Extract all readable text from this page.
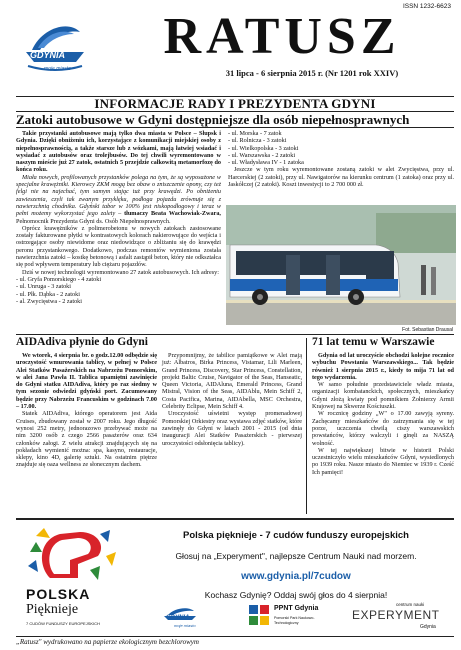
ISSN 1232-6623
GDYNIA
moje miasto
RATUSZ
31 lipca - 6 sierpnia 2015 r. (Nr 1201 rok XXIV)
INFORMACJE RADY I PREZYDENTA GDYNI
Zatoki autobusowe w Gdyni dostępniejsze dla osób niepełnosprawnych

Takie przystanki autobusowe mają tylko dwa miasta w Polsce – Słupsk i Gdynia. Dzięki obniżeniu ich, korzystające z komunikacji miejskiej osoby z niepełnosprawnością, a także starsze lub z wózkami, mają łatwiej wsiadać i wysiadać z autobusów oraz trolejbusów. Do tej chwili wyremontowano w naszym mieście już 27 zatok, ostatnich 5 przejdzie całkowitą metamorfozę do końca roku.

Miała nowych, profilowanych przystanków polega na tym, że są wyposażone w specjalne krawężniki. Kierowcy ZKM mogą bez obaw o zniszczenie opony, czy też felgi nie na najechać, tym samym stając tuż przy krawędzi. Po obniżeniu zawieszenia, czyli tak zwanym przyklęku, podłoga pojazdu zrównuje się z nawierzchnią chodnika. Gdyński tabor w 100% jest niskopodłogowy i teraz w pełni możemy wykorzystać jego zalety – tłumaczy Beata Wachowiak-Zwara, Pełnomocnik Prezydenta Gdyni ds. Osób Niepełnosprawnych.

Oprócz krawężników z polimerobetonu w nowych zatokach zastosowane zostały fakturowane płytki w kontrastowych kolorach nakierowujące do wejścia i ostrzegające osoby niewidome oraz niedowidzące o zbliżaniu się do krawędzi peronu przystankowego. Dodatkowo, podczas remontów wymieniona została nawierzchnia zatoki – kostkę betonową i asfalt zastąpił beton, który nie odkształca się pod wpływem temperatury lub ciężaru pojazdów.

Dziś w nowej technologii wyremontowano 27 zatok autobusowych. Ich adresy:

- ul. Gryfa Pomorskiego - 4 zatoki
- ul. Unruga - 3 zatoki
- ul. Płk. Dąbka - 2 zatoki
- al. Zwycięstwa - 2 zatoki
- ul. Morska - 7 zatok
- ul. Rolnicza - 3 zatoki
- ul. Wielkopolska - 3 zatoki
- ul. Warszawska - 2 zatoki
- ul. Władysława IV - 1 zatoka

Jeszcze w tym roku wyremontowane zostaną zatoki w alei Zwycięstwa, przy ul. Harcerskiej (2 zatoki), przy ul. Nawigatorów na kierunku centrum (1 zatoka) oraz przy ul. Jaskółczej (2 zatoki). Koszt inwestycji to 2 700 000 zł.

Fot. Sebastian Drausal
AIDAdiva płynie do Gdyni

We wtorek, 4 sierpnia br. o godz.12.00 odbędzie się uroczystość wmurowania tablicy, w pełnej w Polsce Alei Statków Pasażerskich na Nabrzeżu Pomorskim, w alei Jana Pawła II. Tablica upamiętni zawinięcie do Gdyni statku AIDAdiva, który po raz siedmy w tym sezonie odwiedzi gdyński port. Zacumowany będzie przy Nabrzeżu Francuskim w godzinach 7.00 – 17.00.

Statek AIDAdiva, którego operatorem jest Aida Cruises, zbudowany został w 2007 roku. Jego długość wynosi 252 metry, jednorazowo przebywać może na nim 3200 osób z czego 2566 pasażerów oraz 634 członków załogi. Z wielu atrakcji znajdujących się na pokładach wymienić można: spa, kasyno, restauracje, sklepy, kino 4D, galerię sztuki. Na ostatnim piętrze znajduje się oaza wellness ze słonecznym dachem.

Przypomnijmy, że tabilice pamiątkowe w Alei mają już: Albatros, Birka Princess, Vistamar, Lili Marleen, Grand Princess, Discovery, Star Princess, Constellation, projekt Baltic Cruise, Navigator of the Seas, Hanseatic, Queen Victoria, AIDAluna, Emerald Princess, Grand Mistral, Vision of the Seas, AIDAblu, Mein Schiff 2, Costa Pacifica, Marina, AIDAbella, MSC Orchestra, Celebrity Eclipse, Mein Schiff 4.

Uroczystość uświetni występ promenadowej Pomorskiej Orkiestry oraz wystawa zdjęć statków, które zawinęły do Gdyni w latach 2001 - 2015 (od dnia inauguracji Alei Statków Pasażerskich - pierwszej uroczystości odsłonięcia tablicy).

71 lat temu w Warszawie

Gdynia od lat uroczyście obchodzi kolejne rocznice wybuchu Powstania Warszawskiego... Tak będzie również 1 sierpnia 2015 r., kiedy to mija 71 lat od tego wydarzenia.

W samo południe przedstawiciele władz miasta, organizacji kombatanckich, społecznych, mieszkańcy Gdyni złożą kwiaty pod pomnikiem Żołnierzy Armii Krajowej na Skwerze Kościuszki.

W rocznicę godziny „W" o 17.00 zawyją syreny. Zachęcamy mieszkańców do zatrzymania się w tej porze, uczczenia chwilą ciszy warszawskich powstańców, którzy walczyli i ginęli za NASZĄ wolność.

W tej największej bitwie w historii Polski uczestniczyło wielu mieszkańców Gdyni, wysiedlonych po 1939 roku. Nasze miasto do Niemiec w 1939 r. Cześć Ich pamięci!

POLSKA
Pięknieje
7 CUDÓW FUNDUSZY EUROPEJSKICH
Polska pięknieje - 7 cudów funduszy europejskich
Głosuj na „Experyment", najlepsze Centrum Nauki nad morzem.
www.gdynia.pl/7cudow
Kochasz Gdynię? Oddaj swój głos do 4 sierpnia!
GDYNIA
moje miasto
PPNT Gdynia
Pomorski Park Naukowo-Technologiczny
centrum nauki
EXPERYMENT
Gdynia
„Ratusz" wydrukowano na papierze ekologicznym bezchlorowym
